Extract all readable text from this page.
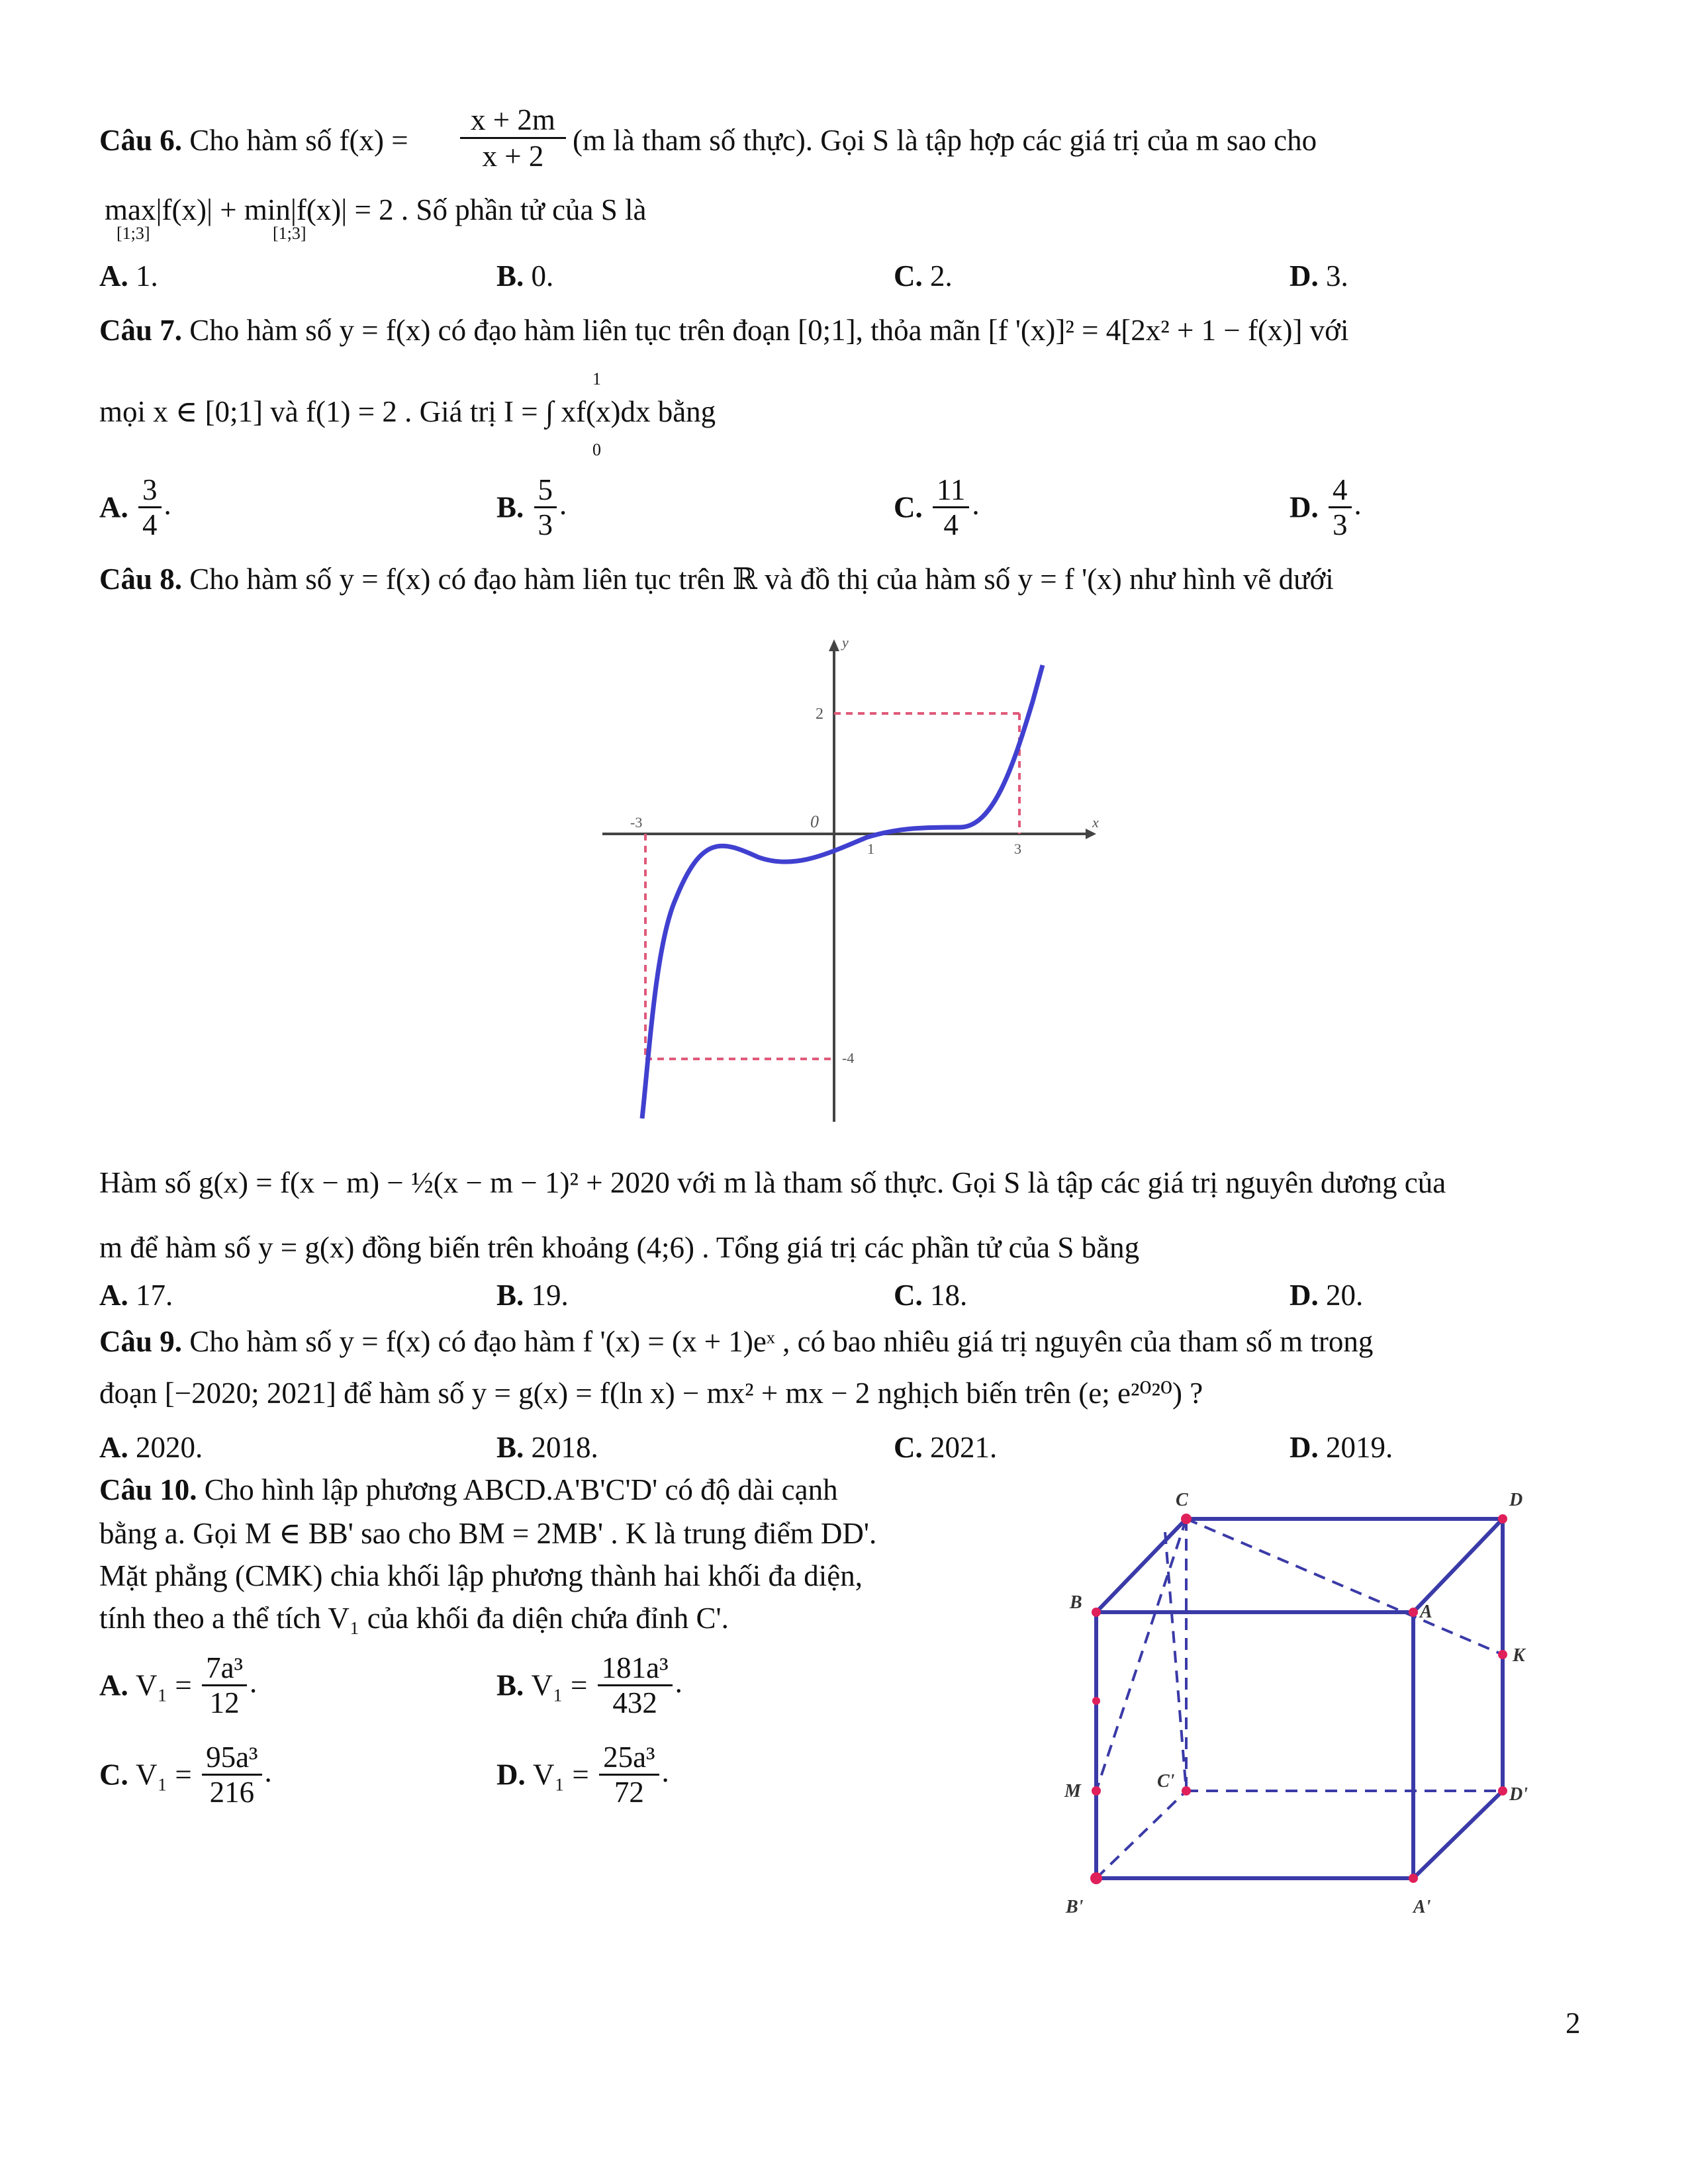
Câu 6. Cho hàm số $f(x) = \frac{x + 2m}{x + 2} (m$ là tham số thực). Gọi S là tập hợp các giá trị của m sao cho
max|f(x)| + min|f(x)| = 2 . Số phần tử của S là
[1;3]	[1;3]
A. 1.	B. 0.	C. 2.	D. 3.
Câu 7. Cho hàm số y = f(x) có đạo hàm liên tục trên đoạn [0;1], thỏa mãn [f '(x)]² = 4[2x² + 1 − f(x)] với
mọi x ∈ [0;1] và f(1) = 2 . Giá trị I = ∫ xf(x)dx bằng
1
0
A. $\frac{3}{4}$ .	B. $\frac{5}{3}$ .	C. $\frac{11}{4}$ .	D. $\frac{4}{3}$ .
Câu 8. Cho hàm số y = f(x) có đạo hàm liên tục trên ℝ và đồ thị của hàm số y = f '(x) như hình vẽ dưới
-3	0
1	3
2
-4
x
y
Hàm số g(x) = f(x − m) − ½(x − m − 1)² + 2020 với m là tham số thực. Gọi S là tập các giá trị nguyên dương của
m để hàm số y = g(x) đồng biến trên khoảng (4;6) . Tổng giá trị các phần tử của S bằng
A. 17.	B. 19.	C. 18.	D. 20.
Câu 9. Cho hàm số y = f(x) có đạo hàm f '(x) = (x + 1)eˣ , có bao nhiêu giá trị nguyên của tham số m trong
đoạn [−2020; 2021] để hàm số y = g(x) = f(ln x) − mx² + mx − 2 nghịch biến trên (e; e²⁰²⁰) ?
A. 2020.	B. 2018.	C. 2021.	D. 2019.
Câu 10. Cho hình lập phương ABCD.A'B'C'D' có độ dài cạnh
bằng a. Gọi M ∈ BB' sao cho BM = 2MB' . K là trung điểm DD'.
Mặt phẳng (CMK) chia khối lập phương thành hai khối đa diện,
tính theo a thể tích V₁ của khối đa diện chứa đỉnh C'.
A. $V_1 = \frac{\text{7a³}}{12}$ .	B. $V_1 = \frac{\text{181a³}}{432}$ .
C. $V_1 = \frac{\text{95a³}}{216}$ .	D. $V_1 = \frac{\text{25a³}}{72}$ .
C	D
B	A
K
M	C'
D'
B'	A'
2
